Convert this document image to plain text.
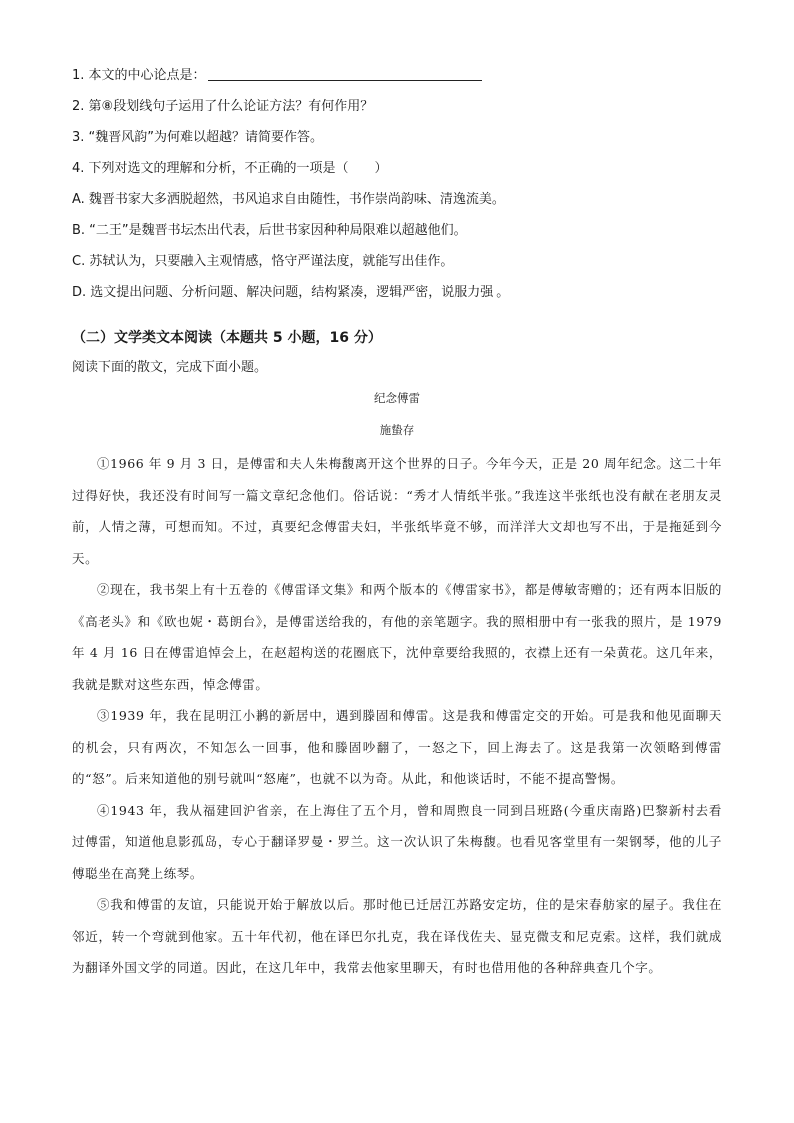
1. 本文的中心论点是：
2. 第⑧段划线句子运用了什么论证方法？有何作用？
3. “魏晋风韵”为何难以超越？请简要作答。
4. 下列对选文的理解和分析，不正确的一项是（　　）
A. 魏晋书家大多洒脱超然，书风追求自由随性，书作崇尚韵味、清逸流美。
B. “二王”是魏晋书坛杰出代表，后世书家因种种局限难以超越他们。
C. 苏轼认为，只要融入主观情感，恪守严谨法度，就能写出佳作。
D. 选文提出问题、分析问题、解决问题，结构紧凑，逻辑严密，说服力强 。
（二）文学类文本阅读（本题共 5 小题，16 分）
阅读下面的散文，完成下面小题。
纪念傅雷
施蛰存

①1966 年 9 月 3 日，是傅雷和夫人朱梅馥离开这个世界的日子。今年今天，正是 20 周年纪念。这二十年过得好快，我还没有时间写一篇文章纪念他们。俗话说：“秀才人情纸半张。”我连这半张纸也没有献在老朋友灵前，人情之薄，可想而知。不过，真要纪念傅雷夫妇，半张纸毕竟不够，而洋洋大文却也写不出，于是拖延到今天。

②现在，我书架上有十五卷的《傅雷译文集》和两个版本的《傅雷家书》，都是傅敏寄赠的；还有两本旧版的《高老头》和《欧也妮・葛朗台》，是傅雷送给我的，有他的亲笔题字。我的照相册中有一张我的照片，是 1979 年 4 月 16 日在傅雷追悼会上，在赵超构送的花圈底下，沈仲章要给我照的，衣襟上还有一朵黄花。这几年来，我就是默对这些东西，悼念傅雷。

③1939 年，我在昆明江小鹣的新居中，遇到滕固和傅雷。这是我和傅雷定交的开始。可是我和他见面聊天的机会，只有两次，不知怎么一回事，他和滕固吵翻了，一怒之下，回上海去了。这是我第一次领略到傅雷的“怒”。后来知道他的别号就叫“怒庵”，也就不以为奇。从此，和他谈话时，不能不提高警惕。

④1943 年，我从福建回沪省亲，在上海住了五个月，曾和周煦良一同到吕班路(今重庆南路)巴黎新村去看过傅雷，知道他息影孤岛，专心于翻译罗曼・罗兰。这一次认识了朱梅馥。也看见客堂里有一架钢琴，他的儿子傅聪坐在高凳上练琴。

⑤我和傅雷的友谊，只能说开始于解放以后。那时他已迁居江苏路安定坊，住的是宋春舫家的屋子。我住在邻近，转一个弯就到他家。五十年代初，他在译巴尔扎克，我在译伐佐夫、显克微支和尼克索。这样，我们就成为翻译外国文学的同道。因此，在这几年中，我常去他家里聊天，有时也借用他的各种辞典查几个字。
